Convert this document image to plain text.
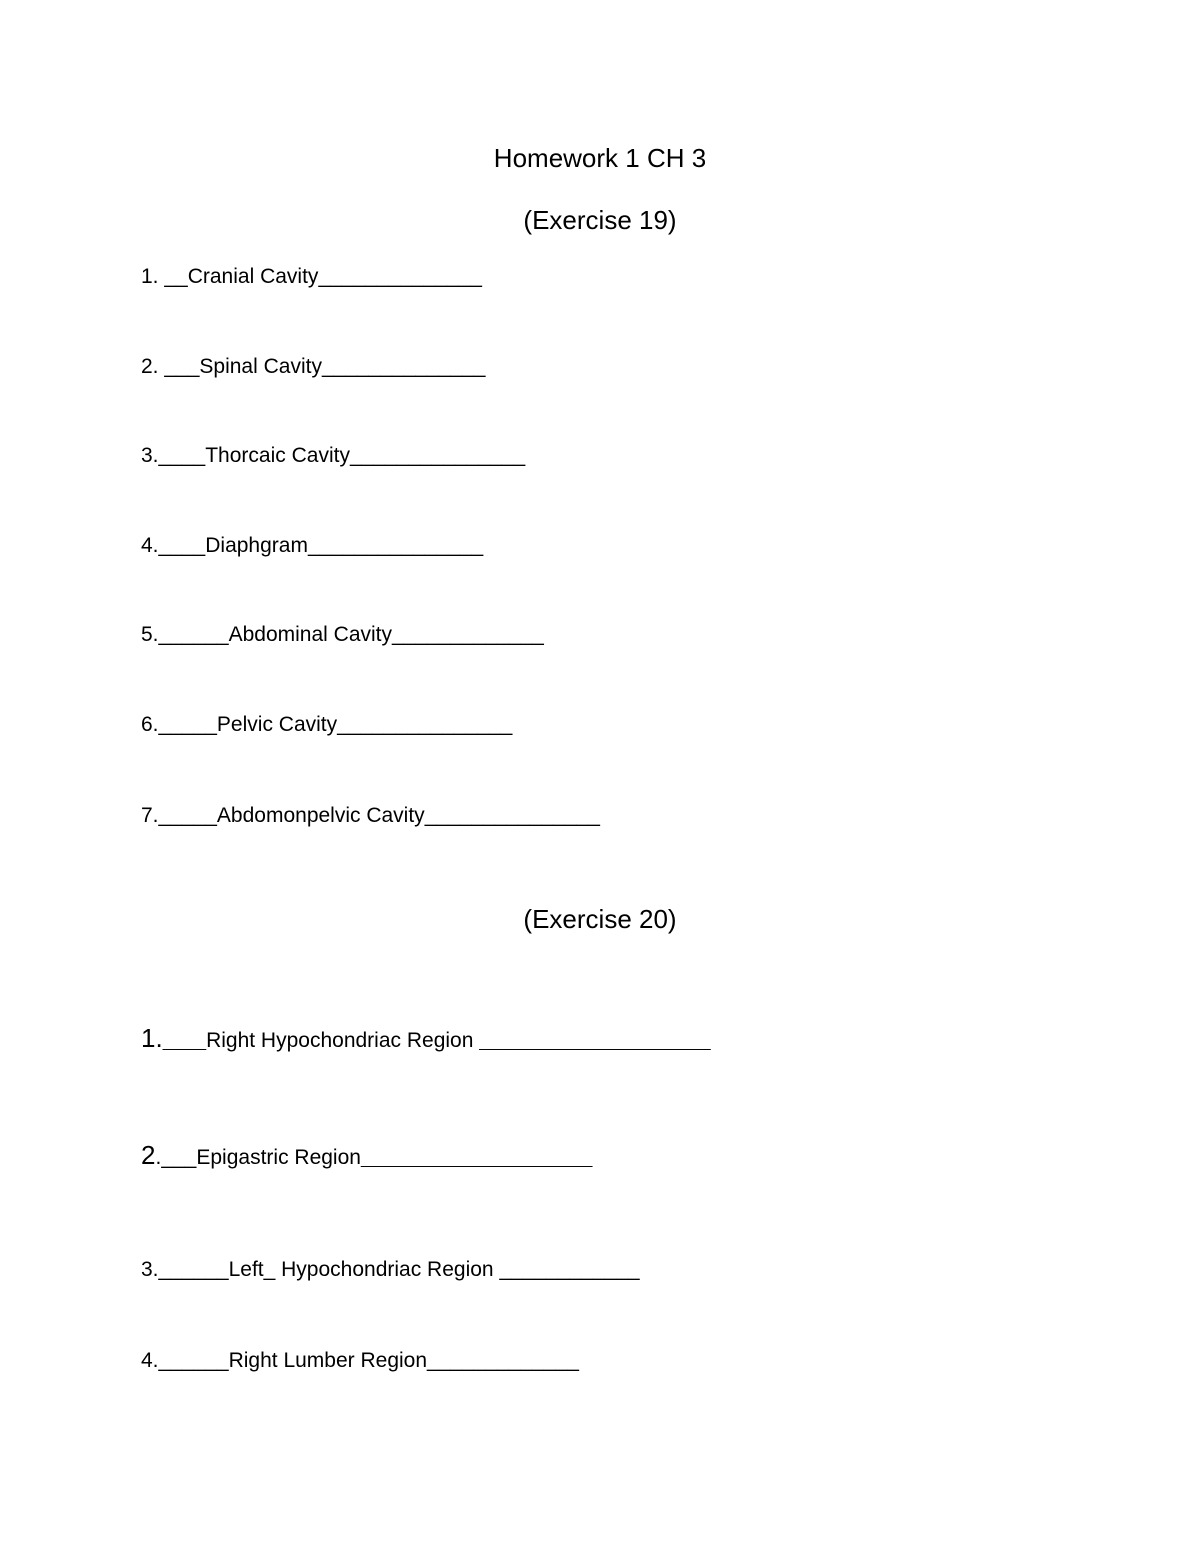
Homework 1 CH 3
(Exercise 19)
1. __Cranial Cavity______________
2. ___Spinal Cavity______________
3.____Thorcaic Cavity_______________
4.____Diaphgram_______________
5.______Abdominal Cavity_____________
6._____Pelvic Cavity_______________
7._____Abdomonpelvic Cavity_______________
(Exercise 20)
1.___Right Hypochondriac Region ________________
2.___Epigastric Region________________
3.______Left_ Hypochondriac Region ____________
4.______Right Lumber Region_____________
